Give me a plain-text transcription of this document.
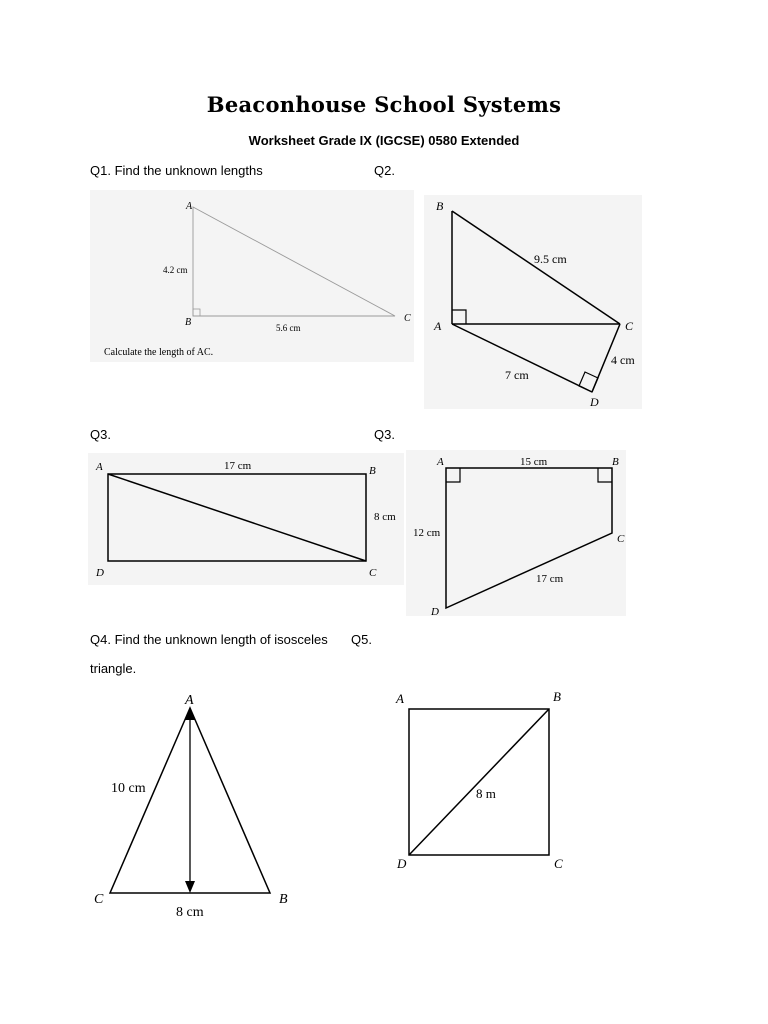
Beaconhouse School Systems
Worksheet Grade IX (IGCSE) 0580 Extended
Q1. Find the unknown lengths	Q2.
Q3.	Q3.
Q4. Find the unknown length of isosceles
triangle.
Q5.
A
B	C
4.2 cm
5.6 cm
Calculate the length of AC.
B
A	C
D
9.5 cm
4 cm
7 cm
A	B
C
D
17 cm
8 cm
A	B
C
D
15 cm
12 cm
17 cm
A
C	B
10 cm
8 cm
A	B
C
D
8 m
